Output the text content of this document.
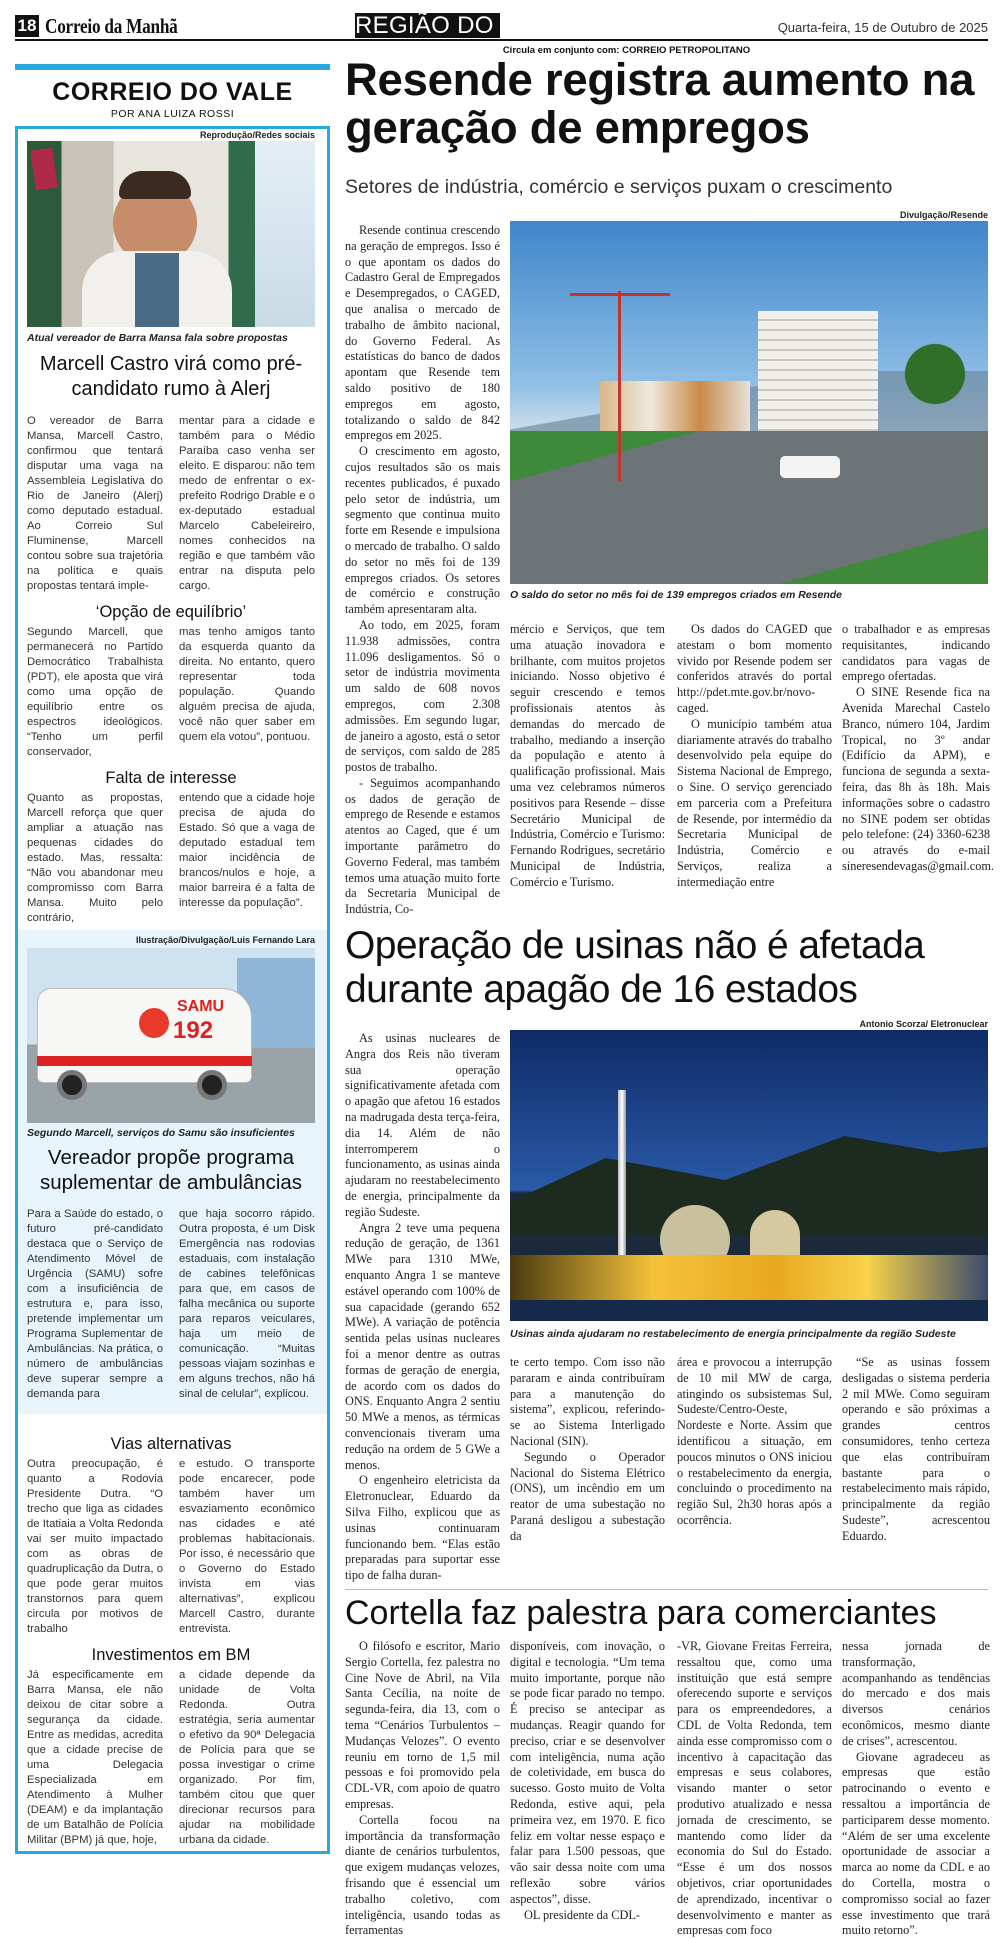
18 Correio da Manhã	REGIÃO DO VALE	Quarta-feira, 15 de Outubro de 2025
Circula em conjunto com: CORREIO PETROPOLITANO
CORREIO DO VALE
POR ANA LUIZA ROSSI
Reprodução/Redes sociais
Atual vereador de Barra Mansa fala sobre propostas
Marcell Castro virá como pré-candidato rumo à Alerj

O vereador de Barra Mansa, Marcell Castro, confirmou que tentará disputar uma vaga na Assembleia Legislativa do Rio de Janeiro (Alerj) como deputado estadual. Ao Correio Sul Fluminense, Marcell contou sobre sua trajetória na política e quais propostas tentará imple-

mentar para a cidade e também para o Médio Paraíba caso venha ser eleito. E disparou: não tem medo de enfrentar o ex-prefeito Rodrigo Drable e o ex-deputado estadual Marcelo Cabeleireiro, nomes conhecidos na região e que também vão entrar na disputa pelo cargo.

‘Opção de equilíbrio’

Segundo Marcell, que permanecerá no Partido Democrático Trabalhista (PDT), ele aposta que virá como uma opção de equilíbrio entre os espectros ideológicos. “Tenho um perfil conservador,

mas tenho amigos tanto da esquerda quanto da direita. No entanto, quero representar toda população. Quando alguém precisa de ajuda, você não quer saber em quem ela votou”, pontuou.

Falta de interesse

Quanto as propostas, Marcell reforça que quer ampliar a atuação nas pequenas cidades do estado. Mas, ressalta: “Não vou abandonar meu compromisso com Barra Mansa. Muito pelo contrário,

entendo que a cidade hoje precisa de ajuda do Estado. Só que a vaga de deputado estadual tem maior incidência de brancos/nulos e hoje, a maior barreira é a falta de interesse da população”.

Ilustração/Divulgação/Luis Fernando Lara
SAMU
192
Segundo Marcell, serviços do Samu são insuficientes
Vereador propõe programa suplementar de ambulâncias

Para a Saúde do estado, o futuro pré-candidato destaca que o Serviço de Atendimento Móvel de Urgência (SAMU) sofre com a insuficiência de estrutura e, para isso, pretende implementar um Programa Suplementar de Ambulâncias. Na prática, o número de ambulâncias deve superar sempre a demanda para

que haja socorro rápido. Outra proposta, é um Disk Emergência nas rodovias estaduais, com instalação de cabines telefônicas para que, em casos de falha mecânica ou suporte para reparos veiculares, haja um meio de comunicação. “Muitas pessoas viajam sozinhas e em alguns trechos, não há sinal de celular”, explicou.

Vias alternativas

Outra preocupação, é quanto a Rodovia Presidente Dutra. “O trecho que liga as cidades de Itatiaia a Volta Redonda vai ser muito impactado com as obras de quadruplicação da Dutra, o que pode gerar muitos transtornos para quem circula por motivos de trabalho

e estudo. O transporte pode encarecer, pode também haver um esvaziamento econômico nas cidades e até problemas habitacionais. Por isso, é necessário que o Governo do Estado invista em vias alternativas”, explicou Marcell Castro, durante entrevista.

Investimentos em BM

Já especificamente em Barra Mansa, ele não deixou de citar sobre a segurança da cidade. Entre as medidas, acredita que a cidade precise de uma Delegacia Especializada em Atendimento à Mulher (DEAM) e da implantação de um Batalhão de Polícia Militar (BPM) já que, hoje,

a cidade depende da unidade de Volta Redonda. Outra estratégia, seria aumentar o efetivo da 90ª Delegacia de Polícia para que se possa investigar o crime organizado. Por fim, também citou que quer direcionar recursos para ajudar na mobilidade urbana da cidade.

Resende registra aumento na geração de empregos
Setores de indústria, comércio e serviços puxam o crescimento
Divulgação/Resende
O saldo do setor no mês foi de 139 empregos criados em Resende

Resende continua crescendo na geração de empregos. Isso é o que apontam os dados do Cadastro Geral de Empregados e Desempregados, o CAGED, que analisa o mercado de trabalho de âmbito nacional, do Governo Federal. As estatísticas do banco de dados apontam que Resende tem saldo positivo de 180 empregos em agosto, totalizando o saldo de 842 empregos em 2025.

O crescimento em agosto, cujos resultados são os mais recentes publicados, é puxado pelo setor de indústria, um segmento que continua muito forte em Resende e impulsiona o mercado de trabalho. O saldo do setor no mês foi de 139 empregos criados. Os setores de comércio e construção também apresentaram alta.

Ao todo, em 2025, foram 11.938 admissões, contra 11.096 desligamentos. Só o setor de indústria movimenta um saldo de 608 novos empregos, com 2.308 admissões. Em segundo lugar, de janeiro a agosto, está o setor de serviços, com saldo de 285 postos de trabalho.

- Seguimos acompanhando os dados de geração de emprego de Resende e estamos atentos ao Caged, que é um importante parâmetro do Governo Federal, mas também temos uma atuação muito forte da Secretaria Municipal de Indústria, Co-

mércio e Serviços, que tem uma atuação inovadora e brilhante, com muitos projetos iniciando. Nosso objetivo é seguir crescendo e temos profissionais atentos às demandas do mercado de trabalho, mediando a inserção da população e atento à qualificação profissional. Mais uma vez celebramos números positivos para Resende – disse Secretário Municipal de Indústria, Comércio e Turismo: Fernando Rodrigues, secretário Municipal de Indústria, Comércio e Turismo.

Os dados do CAGED que atestam o bom momento vivido por Resende podem ser conferidos através do portal http://pdet.mte.gov.br/novo-caged.

O município também atua diariamente através do trabalho desenvolvido pela equipe do Sistema Nacional de Emprego, o Sine. O serviço gerenciado em parceria com a Prefeitura de Resende, por intermédio da Secretaria Municipal de Indústria, Comércio e Serviços, realiza a intermediação entre

o trabalhador e as empresas requisitantes, indicando candidatos para vagas de emprego ofertadas.

O SINE Resende fica na Avenida Marechal Castelo Branco, número 104, Jardim Tropical, no 3º andar (Edifício da APM), e funciona de segunda a sexta-feira, das 8h às 18h. Mais informações sobre o cadastro no SINE podem ser obtidas pelo telefone: (24) 3360-6238 ou através do e-mail sineresendevagas@gmail.com.

Operação de usinas não é afetada durante apagão de 16 estados
Antonio Scorza/ Eletronuclear
Usinas ainda ajudaram no restabelecimento de energia principalmente da região Sudeste

As usinas nucleares de Angra dos Reis não tiveram sua operação significativamente afetada com o apagão que afetou 16 estados na madrugada desta terça-feira, dia 14. Além de não interromperem o funcionamento, as usinas ainda ajudaram no reestabelecimento de energia, principalmente da região Sudeste.

Angra 2 teve uma pequena redução de geração, de 1361 MWe para 1310 MWe, enquanto Angra 1 se manteve estável operando com 100% de sua capacidade (gerando 652 MWe). A variação de potência sentida pelas usinas nucleares foi a menor dentre as outras formas de geração de energia, de acordo com os dados do ONS. Enquanto Angra 2 sentiu 50 MWe a menos, as térmicas convencionais tiveram uma redução na ordem de 5 GWe a menos.

O engenheiro eletricista da Eletronuclear, Eduardo da Silva Filho, explicou que as usinas continuaram funcionando bem. “Elas estão preparadas para suportar esse tipo de falha duran-

te certo tempo. Com isso não pararam e ainda contribuíram para a manutenção do sistema”, explicou, referindo-se ao Sistema Interligado Nacional (SIN).

Segundo o Operador Nacional do Sistema Elétrico (ONS), um incêndio em um reator de uma subestação no Paraná desligou a subestação da

área e provocou a interrupção de 10 mil MW de carga, atingindo os subsistemas Sul, Sudeste/Centro-Oeste, Nordeste e Norte. Assim que identificou a situação, em poucos minutos o ONS iniciou o restabelecimento da energia, concluindo o procedimento na região Sul, 2h30 horas após a ocorrência.

“Se as usinas fossem desligadas o sistema perderia 2 mil MWe. Como seguiram operando e são próximas a grandes centros consumidores, tenho certeza que elas contribuíram bastante para o restabelecimento mais rápido, principalmente da região Sudeste”, acrescentou Eduardo.

Cortella faz palestra para comerciantes

O filósofo e escritor, Mario Sergio Cortella, fez palestra no Cine Nove de Abril, na Vila Santa Cecília, na noite de segunda-feira, dia 13, com o tema “Cenários Turbulentos – Mudanças Velozes”. O evento reuniu em torno de 1,5 mil pessoas e foi promovido pela CDL-VR, com apoio de quatro empresas.

Cortella focou na importância da transformação diante de cenários turbulentos, que exigem mudanças velozes, frisando que é essencial um trabalho coletivo, com inteligência, usando todas as ferramentas

disponíveis, com inovação, o digital e tecnologia. “Um tema muito importante, porque não se pode ficar parado no tempo. É preciso se antecipar as mudanças. Reagir quando for preciso, criar e se desenvolver com inteligência, numa ação de coletividade, em busca do sucesso. Gosto muito de Volta Redonda, estive aqui, pela primeira vez, em 1970. E fico feliz em voltar nesse espaço e falar para 1.500 pessoas, que vão sair dessa noite com uma reflexão sobre vários aspectos”, disse.

OL presidente da CDL-

-VR, Giovane Freitas Ferreira, ressaltou que, como uma instituição que está sempre oferecendo suporte e serviços para os empreendedores, a CDL de Volta Redonda, tem ainda esse compromisso com o incentivo à capacitação das empresas e seus colabores, visando manter o setor produtivo atualizado e nessa jornada de crescimento, se mantendo como líder da economia do Sul do Estado. “Esse é um dos nossos objetivos, criar oportunidades de aprendizado, incentivar o desenvolvimento e manter as empresas com foco

nessa jornada de transformação, acompanhando as tendências do mercado e dos mais diversos cenários econômicos, mesmo diante de crises”, acrescentou.

Giovane agradeceu as empresas que estão patrocinando o evento e ressaltou a importância de participarem desse momento. “Além de ser uma excelente oportunidade de associar a marca ao nome da CDL e ao do Cortella, mostra o compromisso social ao fazer esse investimento que trará muito retorno”.
